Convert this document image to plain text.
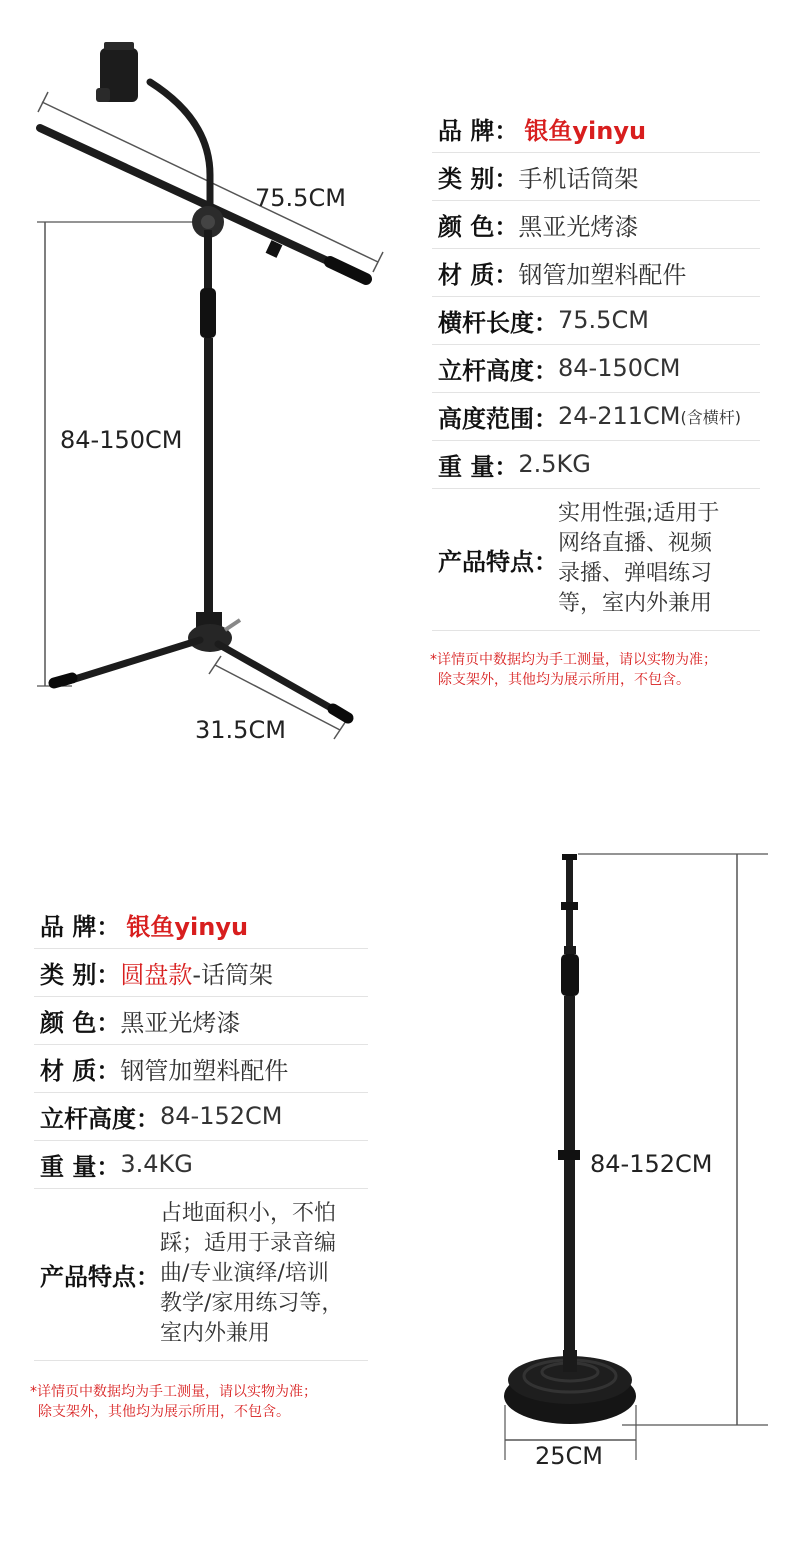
75.5CM
84-150CM
31.5CM
品 牌： 银鱼yinyu
类 别： 手机话筒架
颜 色： 黑亚光烤漆
材 质： 钢管加塑料配件
横杆长度： 75.5CM
立杆高度： 84-150CM
高度范围： 24-211CM (含横杆)
重 量： 2.5KG
产品特点：
实用性强;适用于
网络直播、视频
录播、弹唱练习
等，室内外兼用
*详情页中数据均为手工测量，请以实物为准；
除支架外，其他均为展示所用，不包含。
品 牌： 银鱼yinyu
类 别： 圆盘款 -话筒架
颜 色： 黑亚光烤漆
材 质： 钢管加塑料配件
立杆高度： 84-152CM
重 量： 3.4KG
产品特点：
占地面积小，不怕
踩；适用于录音编
曲/专业演绎/培训
教学/家用练习等，
室内外兼用
*详情页中数据均为手工测量，请以实物为准；
除支架外，其他均为展示所用，不包含。
84-152CM
25CM
